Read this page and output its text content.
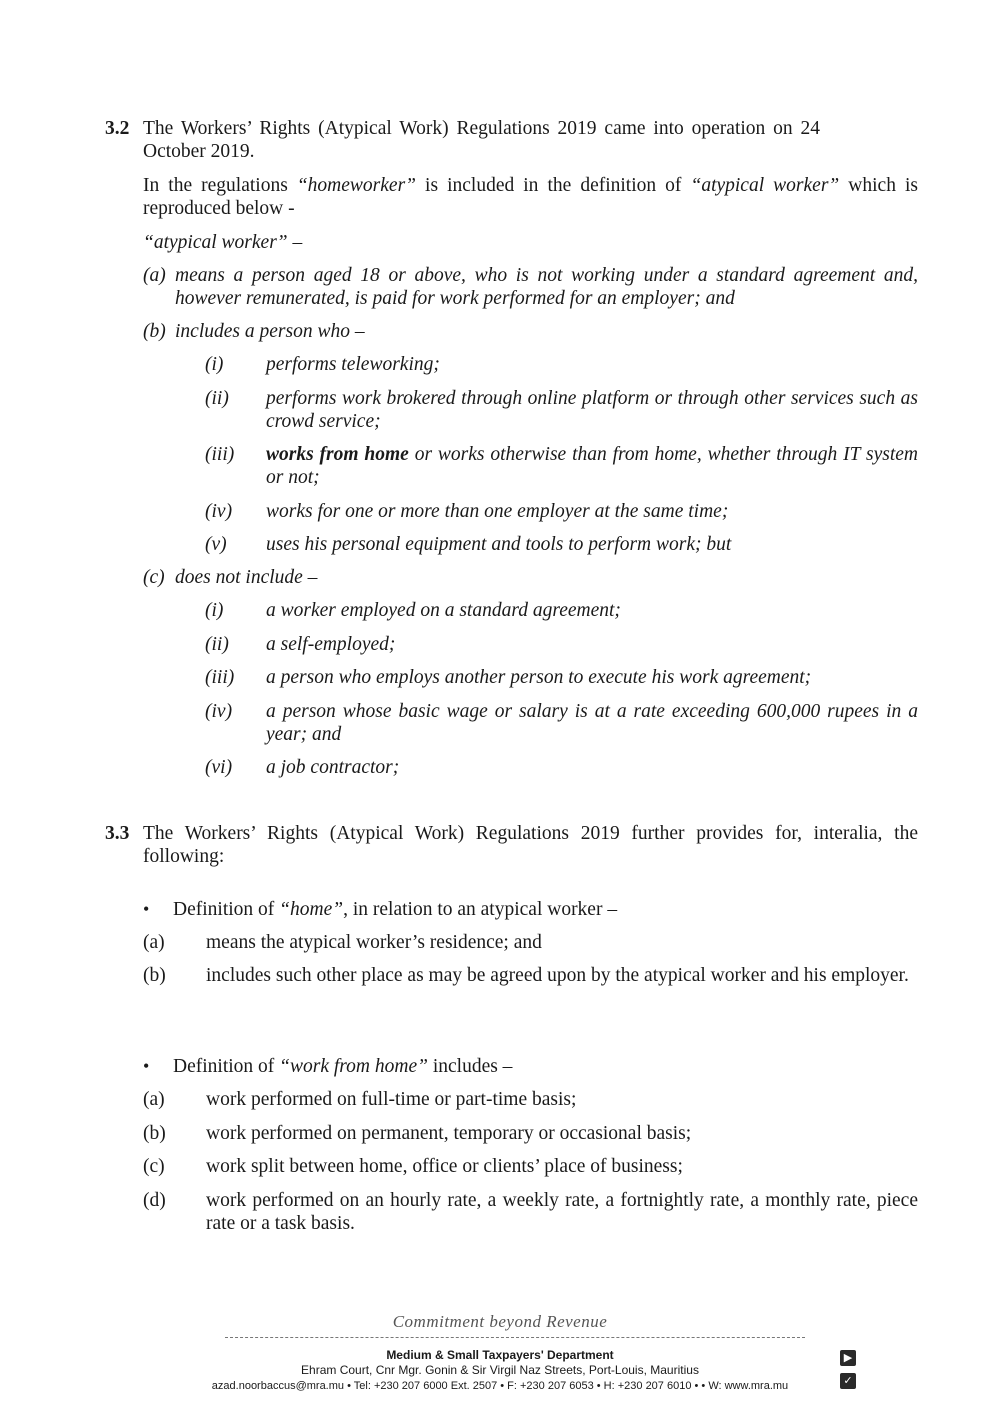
3.2 The Workers’ Rights (Atypical Work) Regulations 2019 came into operation on 24
October 2019.
In the regulations “homeworker” is included in the definition of “atypical worker” which is reproduced below -
“atypical worker” –
(a) means a person aged 18 or above, who is not working under a standard agreement and, however remunerated, is paid for work performed for an employer; and
(b) includes a person who –
(i) performs teleworking;
(ii) performs work brokered through online platform or through other services such as crowd service;
(iii) works from home or works otherwise than from home, whether through IT system or not;
(iv) works for one or more than one employer at the same time;
(v) uses his personal equipment and tools to perform work; but
(c) does not include –
(i) a worker employed on a standard agreement;
(ii) a self-employed;
(iii) a person who employs another person to execute his work agreement;
(iv) a person whose basic wage or salary is at a rate exceeding 600,000 rupees in a year; and
(vi) a job contractor;
3.3 The Workers’ Rights (Atypical Work) Regulations 2019 further provides for, interalia, the following:
• Definition of “home”, in relation to an atypical worker –
(a) means the atypical worker’s residence; and
(b) includes such other place as may be agreed upon by the atypical worker and his employer.
• Definition of “work from home” includes –
(a) work performed on full-time or part-time basis;
(b) work performed on permanent, temporary or occasional basis;
(c) work split between home, office or clients’ place of business;
(d) work performed on an hourly rate, a weekly rate, a fortnightly rate, a monthly rate, piece rate or a task basis.
Commitment beyond Revenue
Medium & Small Taxpayers' Department
Ehram Court, Cnr Mgr. Gonin & Sir Virgil Naz Streets, Port-Louis, Mauritius
azad.noorbaccus@mra.mu • Tel: +230 207 6000 Ext. 2507 • F: +230 207 6053 • H: +230 207 6010 • • W: www.mra.mu
▶
✓
